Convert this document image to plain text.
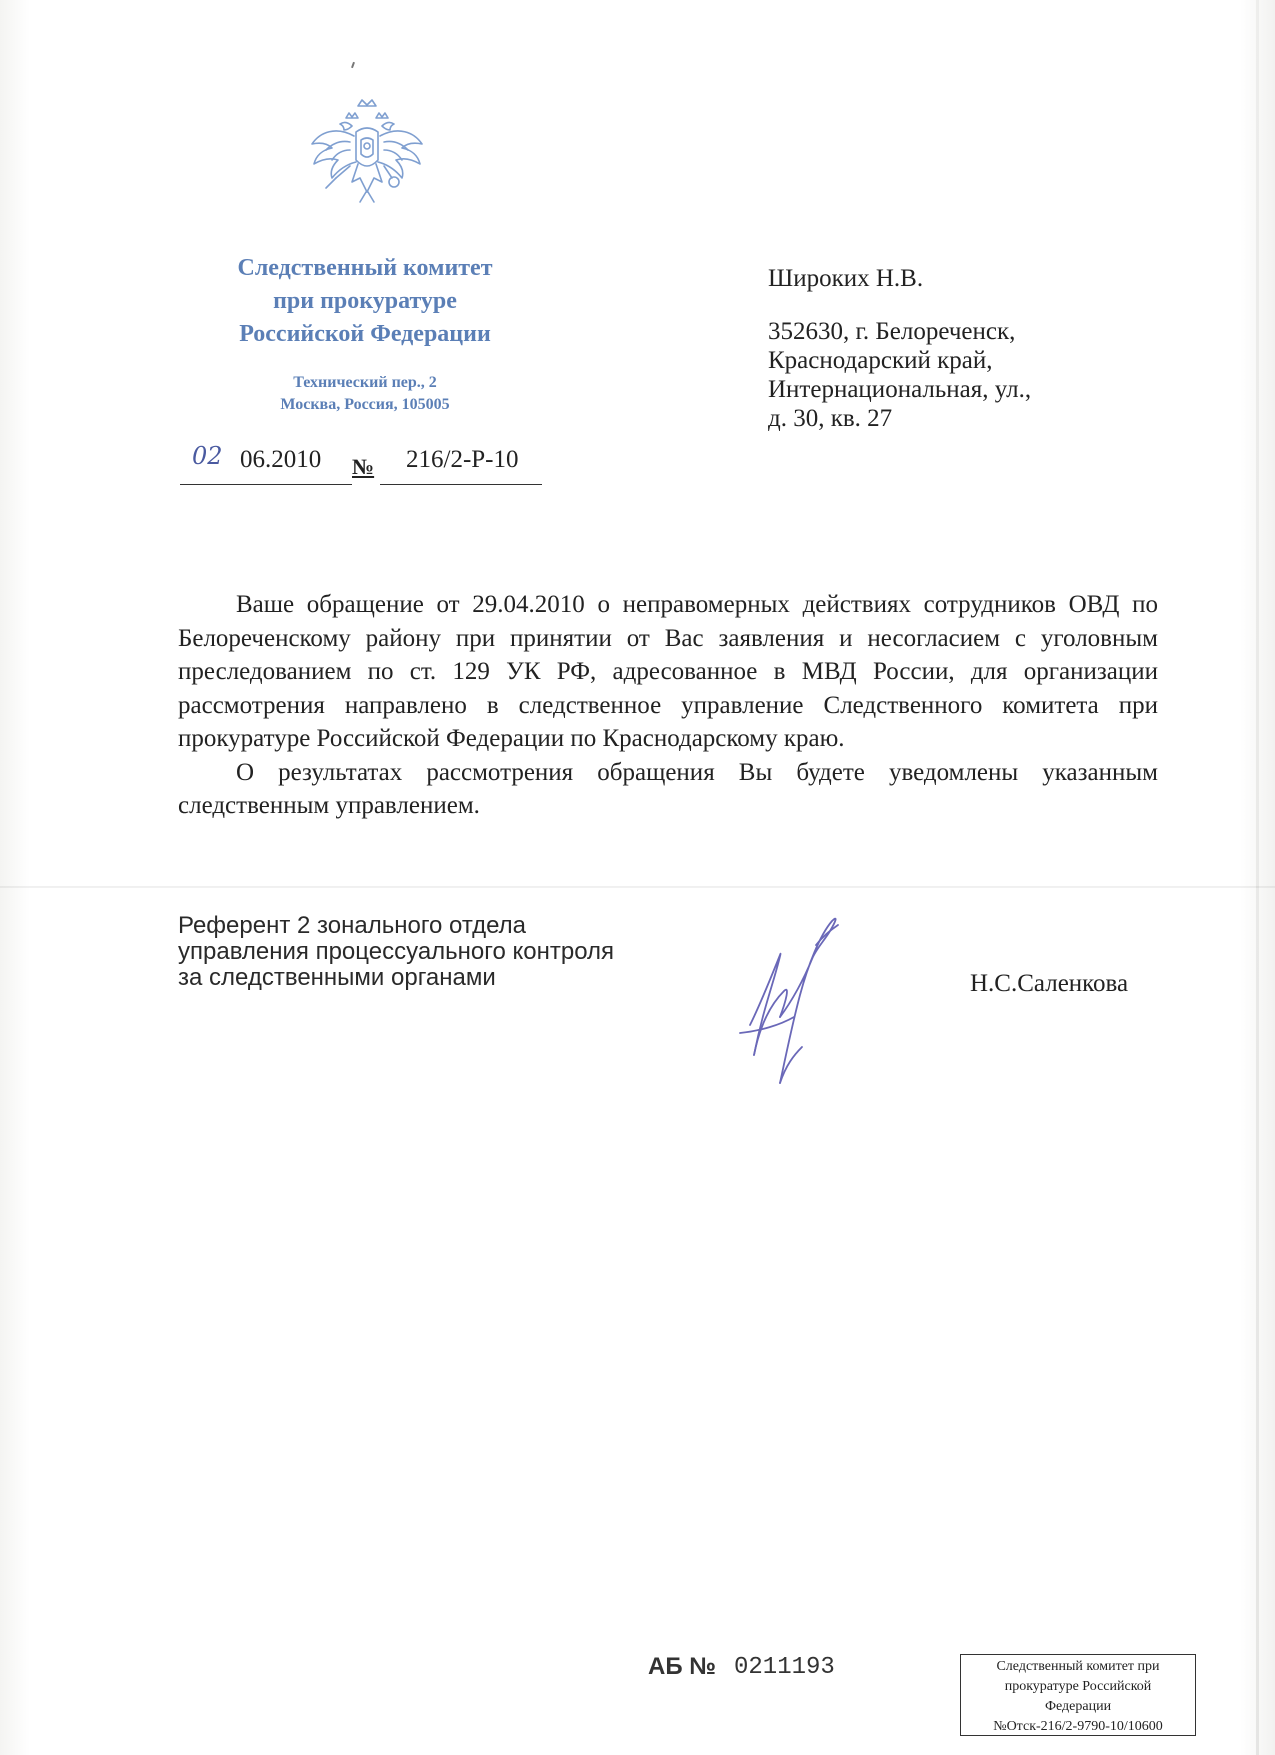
Следственный комитет
при прокуратуре
Российской Федерации
Технический пер., 2
Москва, Россия, 105005
Широких Н.В.
352630, г. Белореченск,
Краснодарский край,
Интернациональная, ул.,
д. 30, кв. 27
02 06.2010 № 216/2-Р-10

Ваше обращение от 29.04.2010 о неправомерных действиях сотрудников ОВД по Белореченскому району при принятии от Вас заявления и несогласием с уголовным преследованием по ст. 129 УК РФ, адресованное в МВД России, для организации рассмотрения направлено в следственное управление Следственного комитета при прокуратуре Российской Федерации по Краснодарскому краю.

О результатах рассмотрения обращения Вы будете уведомлены указанным следственным управлением.

Референт 2 зонального отдела
управления процессуального контроля
за следственными органами	Н.С.Саленкова
АБ № 0211193	Следственный комитет при
прокуратуре Российской
Федерации
№Отск-216/2-9790-10/10600
